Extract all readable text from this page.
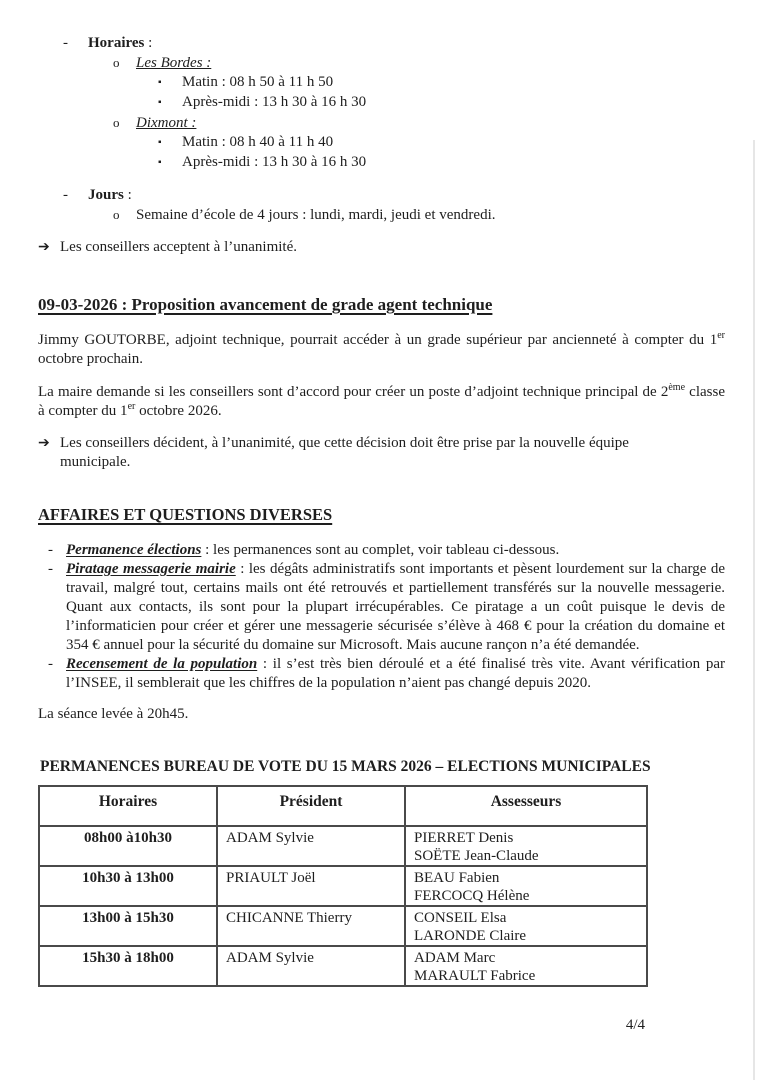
-	Horaires :
o	Les Bordes :
▪	Matin : 08 h 50 à 11 h 50
▪	Après-midi : 13 h 30 à 16 h 30
o	Dixmont :
▪	Matin : 08 h 40 à 11 h 40
▪	Après-midi : 13 h 30 à 16 h 30
-	Jours :
o	Semaine d’école de 4 jours : lundi, mardi, jeudi et vendredi.
➔ Les conseillers acceptent à l’unanimité.
09-03-2026 : Proposition avancement de grade agent technique

Jimmy GOUTORBE, adjoint technique, pourrait accéder à un grade supérieur par ancienneté à compter du 1er octobre prochain.

La maire demande si les conseillers sont d’accord pour créer un poste d’adjoint technique principal de 2ème classe à compter du 1er octobre 2026.

➔ Les conseillers décident, à l’unanimité, que cette décision doit être prise par la nouvelle équipe municipale.
AFFAIRES ET QUESTIONS DIVERSES
- Permanence élections : les permanences sont au complet, voir tableau ci-dessous.
- Piratage messagerie mairie : les dégâts administratifs sont importants et pèsent lourdement sur la charge de travail, malgré tout, certains mails ont été retrouvés et partiellement transférés sur la nouvelle messagerie. Quant aux contacts, ils sont pour la plupart irrécupérables. Ce piratage a un coût puisque le devis de l’informaticien pour créer et gérer une messagerie sécurisée s’élève à 468 € pour la création du domaine et 354 € annuel pour la sécurité du domaine sur Microsoft. Mais aucune rançon n’a été demandée.
- Recensement de la population : il s’est très bien déroulé et a été finalisé très vite. Avant vérification par l’INSEE, il semblerait que les chiffres de la population n’aient pas changé depuis 2020.

La séance levée à 20h45.

PERMANENCES BUREAU DE VOTE DU 15 MARS 2026 – ELECTIONS MUNICIPALES

Horaires	Président	Assesseurs
08h00 à10h30	ADAM Sylvie	PIERRET Denis
SOËTE Jean-Claude

10h30 à 13h00	PRIAULT Joël	BEAU Fabien
FERCOCQ Hélène

13h00 à 15h30	CHICANNE Thierry	CONSEIL Elsa
LARONDE Claire

15h30 à 18h00	ADAM Sylvie	ADAM Marc
MARAULT Fabrice
4/4
